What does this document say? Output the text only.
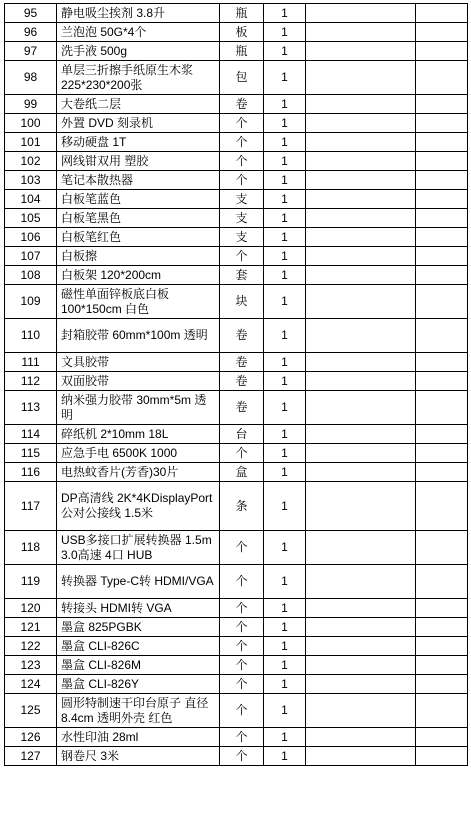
95	静电吸尘挨剂 3.8升	瓶	1		
96	兰泡泡 50G*4个	板	1		
97	洗手液 500g	瓶	1		
98	单层三折擦手纸原生木浆 225*230*200张	包	1		
99	大卷纸二层	卷	1		
100	外置 DVD 刻录机	个	1		
101	移动硬盘 1T	个	1		
102	网线钳双用 塑胶	个	1		
103	笔记本散热器	个	1		
104	白板笔蓝色	支	1		
105	白板笔黑色	支	1		
106	白板笔红色	支	1		
107	白板擦	个	1		
108	白板架 120*200cm	套	1		
109	磁性单面锌板底白板 100*150cm 白色	块	1		
110	封箱胶带 60mm*100m 透明	卷	1		
111	文具胶带	卷	1		
112	双面胶带	卷	1		
113	纳米强力胶带 30mm*5m 透明	卷	1		
114	碎纸机 2*10mm 18L	台	1		
115	应急手电 6500K 1000	个	1		
116	电热蚊香片(芳香)30片	盒	1		
117	DP高清线 2K*4KDisplayPort公对公接线 1.5米	条	1		
118	USB多接口扩展转换器 1.5m 3.0高速 4口 HUB	个	1		
119	转换器 Type-C转 HDMI/VGA	个	1		
120	转接头 HDMI转 VGA	个	1		
121	墨盒 825PGBK	个	1		
122	墨盒 CLI-826C	个	1		
123	墨盒 CLI-826M	个	1		
124	墨盒 CLI-826Y	个	1		
125	圆形特制速干印台原子 直径 8.4cm 透明外壳 红色	个	1		
126	水性印油 28ml	个	1		
127	钢卷尺 3米	个	1		
